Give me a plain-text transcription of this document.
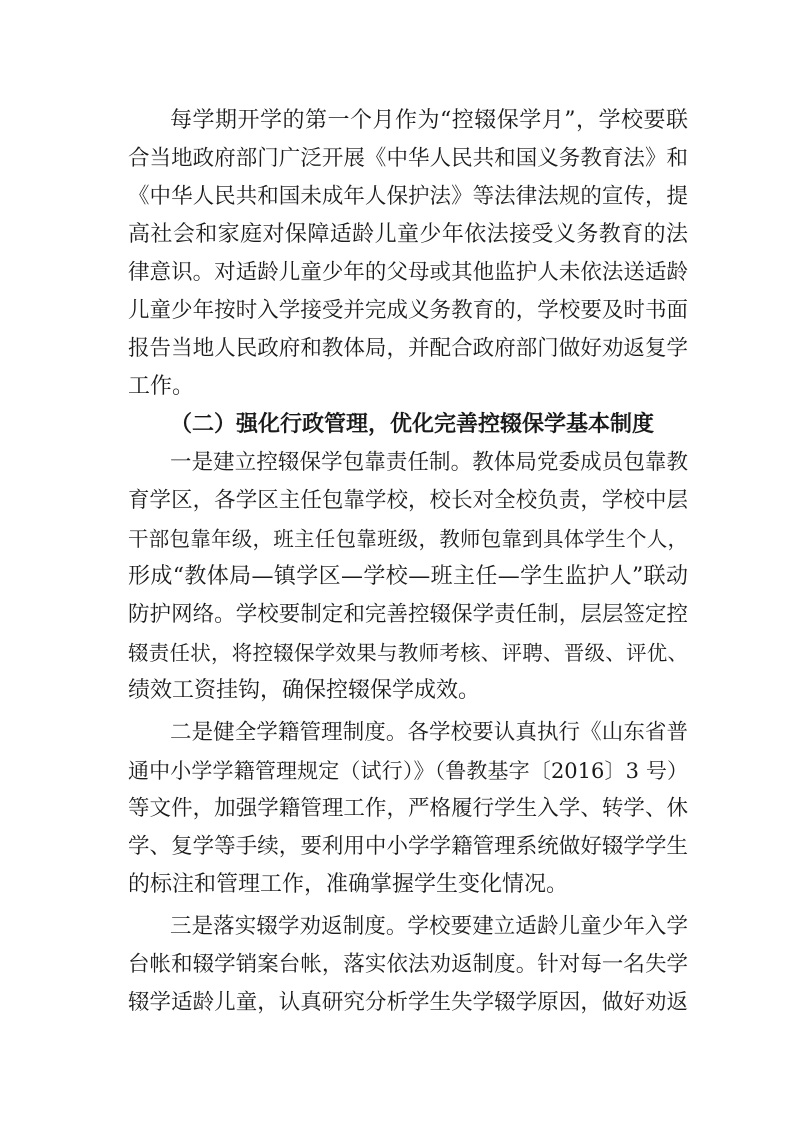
每学期开学的第一个月作为“控辍保学月”，学校要联
合当地政府部门广泛开展《中华人民共和国义务教育法》和
《中华人民共和国未成年人保护法》等法律法规的宣传，提
高社会和家庭对保障适龄儿童少年依法接受义务教育的法
律意识。对适龄儿童少年的父母或其他监护人未依法送适龄
儿童少年按时入学接受并完成义务教育的，学校要及时书面
报告当地人民政府和教体局，并配合政府部门做好劝返复学
工作。
（二）强化行政管理，优化完善控辍保学基本制度
一是建立控辍保学包靠责任制。教体局党委成员包靠教
育学区，各学区主任包靠学校，校长对全校负责，学校中层
干部包靠年级，班主任包靠班级，教师包靠到具体学生个人，
形成“教体局—镇学区—学校—班主任—学生监护人”联动
防护网络。学校要制定和完善控辍保学责任制，层层签定控
辍责任状，将控辍保学效果与教师考核、评聘、晋级、评优、
绩效工资挂钩，确保控辍保学成效。
二是健全学籍管理制度。各学校要认真执行《山东省普
通中小学学籍管理规定（试行）》（鲁教基字〔2016〕3 号）
等文件，加强学籍管理工作，严格履行学生入学、转学、休
学、复学等手续，要利用中小学学籍管理系统做好辍学学生
的标注和管理工作，准确掌握学生变化情况。
三是落实辍学劝返制度。学校要建立适龄儿童少年入学
台帐和辍学销案台帐，落实依法劝返制度。针对每一名失学
辍学适龄儿童，认真研究分析学生失学辍学原因，做好劝返
